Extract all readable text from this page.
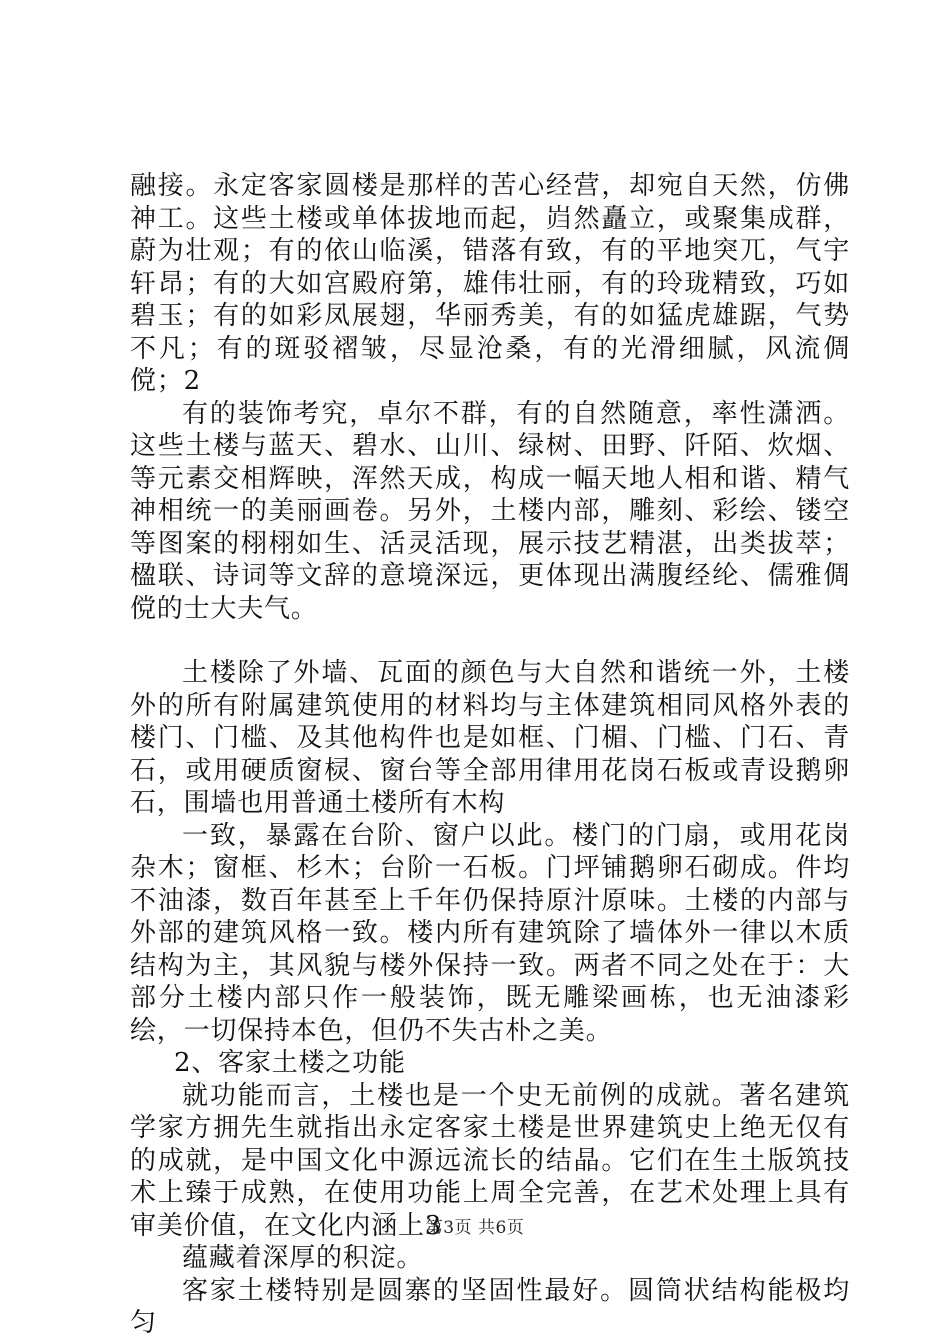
融接。永定客家圆楼是那样的苦心经营，却宛自天然，仿佛神工。这些土楼或单体拔地而起，岿然矗立，或聚集成群，蔚为壮观；有的依山临溪，错落有致，有的平地突兀，气宇轩昂；有的大如宫殿府第，雄伟壮丽，有的玲珑精致，巧如碧玉；有的如彩凤展翅，华丽秀美，有的如猛虎雄踞，气势不凡；有的斑驳褶皱，尽显沧桑，有的光滑细腻，风流倜傥；2

有的装饰考究，卓尔不群，有的自然随意，率性潇洒。这些土楼与蓝天、碧水、山川、绿树、田野、阡陌、炊烟、等元素交相辉映，浑然天成，构成一幅天地人相和谐、精气神相统一的美丽画卷。另外，土楼内部，雕刻、彩绘、镂空等图案的栩栩如生、活灵活现，展示技艺精湛，出类拔萃；楹联、诗词等文辞的意境深远，更体现出满腹经纶、儒雅倜傥的士大夫气。

土楼除了外墙、瓦面的颜色与大自然和谐统一外，土楼外的所有附属建筑使用的材料均与主体建筑相同风格外表的楼门、门槛、及其他构件也是如框、门楣、门槛、门石、青石，或用硬质窗棂、窗台等全部用律用花岗石板或青设鹅卵石，围墙也用普通土楼所有木构

一致，暴露在台阶、窗户以此。楼门的门扇，或用花岗杂木；窗框、杉木；台阶一石板。门坪铺鹅卵石砌成。件均不油漆，数百年甚至上千年仍保持原汁原味。土楼的内部与外部的建筑风格一致。楼内所有建筑除了墙体外一律以木质结构为主，其风貌与楼外保持一致。两者不同之处在于：大部分土楼内部只作一般装饰，既无雕梁画栋，也无油漆彩绘，一切保持本色，但仍不失古朴之美。

2、客家土楼之功能

就功能而言，土楼也是一个史无前例的成就。著名建筑学家方拥先生就指出永定客家土楼是世界建筑史上绝无仅有的成就，是中国文化中源远流长的结晶。它们在生土版筑技术上臻于成熟，在使用功能上周全完善，在艺术处理上具有审美价值，在文化内涵上3

蕴藏着深厚的积淀。

客家土楼特别是圆寨的坚固性最好。圆筒状结构能极均匀

第3页 共6页
